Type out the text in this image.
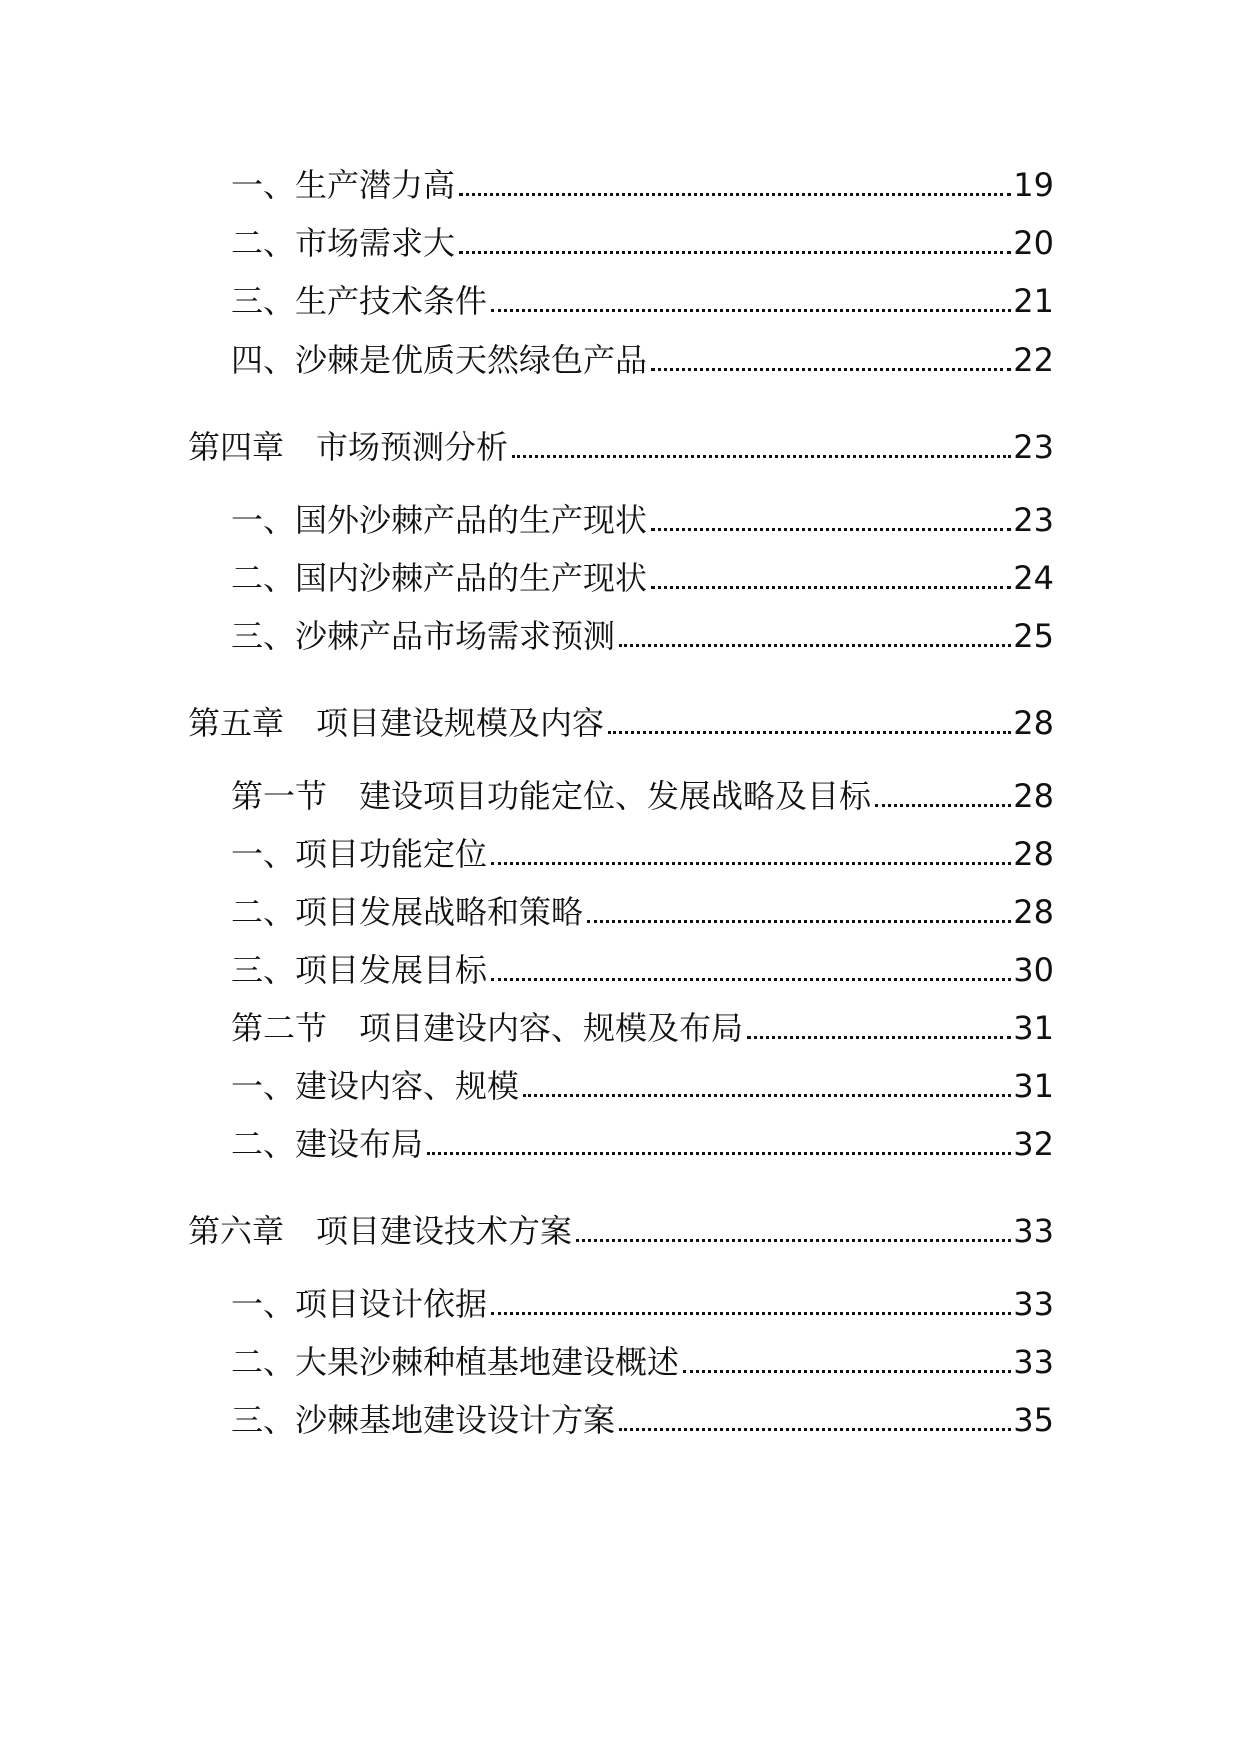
一、生产潜力高	19
二、市场需求大	20
三、生产技术条件	21
四、沙棘是优质天然绿色产品	22
第四章　市场预测分析	23
一、国外沙棘产品的生产现状	23
二、国内沙棘产品的生产现状	24
三、沙棘产品市场需求预测	25
第五章　项目建设规模及内容	28
第一节　建设项目功能定位、发展战略及目标	28
一、项目功能定位	28
二、项目发展战略和策略	28
三、项目发展目标	30
第二节　项目建设内容、规模及布局	31
一、建设内容、规模	31
二、建设布局	32
第六章　项目建设技术方案	33
一、项目设计依据	33
二、大果沙棘种植基地建设概述	33
三、沙棘基地建设设计方案	35
